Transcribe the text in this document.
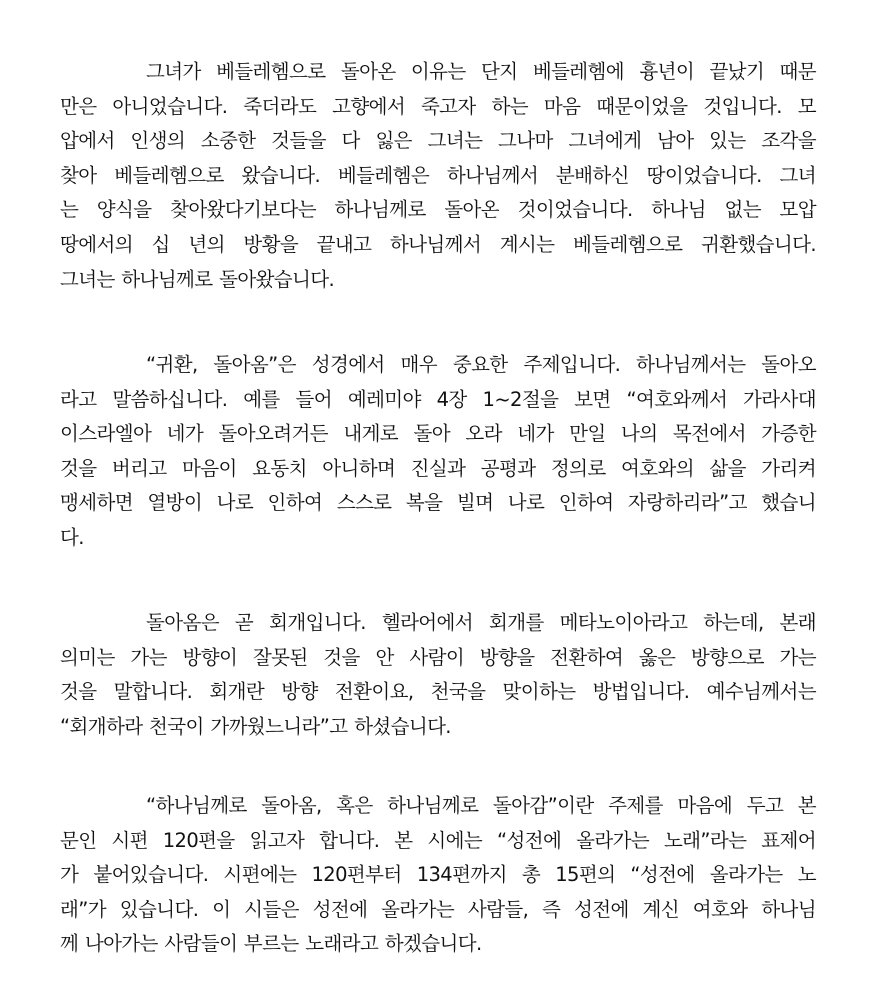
그녀가 베들레헴으로 돌아온 이유는 단지 베들레헴에 흉년이 끝났기 때문
만은 아니었습니다. 죽더라도 고향에서 죽고자 하는 마음 때문이었을 것입니다. 모
압에서 인생의 소중한 것들을 다 잃은 그녀는 그나마 그녀에게 남아 있는 조각을
찾아 베들레헴으로 왔습니다. 베들레헴은 하나님께서 분배하신 땅이었습니다. 그녀
는 양식을 찾아왔다기보다는 하나님께로 돌아온 것이었습니다. 하나님 없는 모압
땅에서의 십 년의 방황을 끝내고 하나님께서 계시는 베들레헴으로 귀환했습니다.
그녀는 하나님께로 돌아왔습니다.
“귀환, 돌아옴”은 성경에서 매우 중요한 주제입니다. 하나님께서는 돌아오
라고 말씀하십니다. 예를 들어 예레미야 4장 1~2절을 보면 “여호와께서 가라사대
이스라엘아 네가 돌아오려거든 내게로 돌아 오라 네가 만일 나의 목전에서 가증한
것을 버리고 마음이 요동치 아니하며 진실과 공평과 정의로 여호와의 삶을 가리켜
맹세하면 열방이 나로 인하여 스스로 복을 빌며 나로 인하여 자랑하리라”고 했습니
다.
돌아옴은 곧 회개입니다. 헬라어에서 회개를 메타노이아라고 하는데, 본래
의미는 가는 방향이 잘못된 것을 안 사람이 방향을 전환하여 옳은 방향으로 가는
것을 말합니다. 회개란 방향 전환이요, 천국을 맞이하는 방법입니다. 예수님께서는
“회개하라 천국이 가까웠느니라”고 하셨습니다.
“하나님께로 돌아옴, 혹은 하나님께로 돌아감”이란 주제를 마음에 두고 본
문인 시편 120편을 읽고자 합니다. 본 시에는 “성전에 올라가는 노래”라는 표제어
가 붙어있습니다. 시편에는 120편부터 134편까지 총 15편의 “성전에 올라가는 노
래”가 있습니다. 이 시들은 성전에 올라가는 사람들, 즉 성전에 계신 여호와 하나님
께 나아가는 사람들이 부르는 노래라고 하겠습니다.
